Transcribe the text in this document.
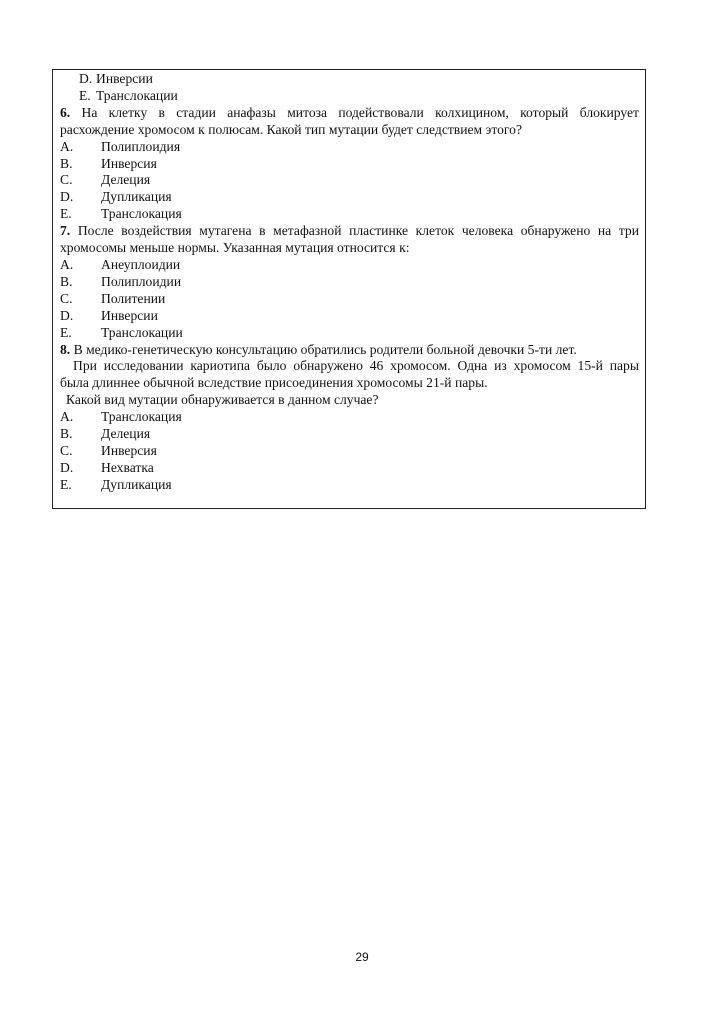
D. Инверсии
E. Транслокации
6. На клетку в стадии анафазы митоза подействовали колхицином, который блокирует
расхождение хромосом к полюсам. Какой тип мутации будет следствием этого?
A. Полиплоидия
B. Инверсия
C. Делеция
D. Дупликация
E. Транслокация
7. После воздействия мутагена в метафазной пластинке клеток человека обнаружено на три
хромосомы меньше нормы. Указанная мутация относится к:
A. Анеуплоидии
B. Полиплоидии
C. Политении
D. Инверсии
E. Транслокации
8. В медико-генетическую консультацию обратились родители больной девочки 5-ти лет.
При исследовании кариотипа было обнаружено 46 хромосом. Одна из хромосом 15-й пары
была длиннее обычной вследствие присоединения хромосомы 21-й пары.
Какой вид мутации обнаруживается в данном случае?
A. Транслокация
B. Делеция
C. Инверсия
D. Нехватка
E. Дупликация
29
